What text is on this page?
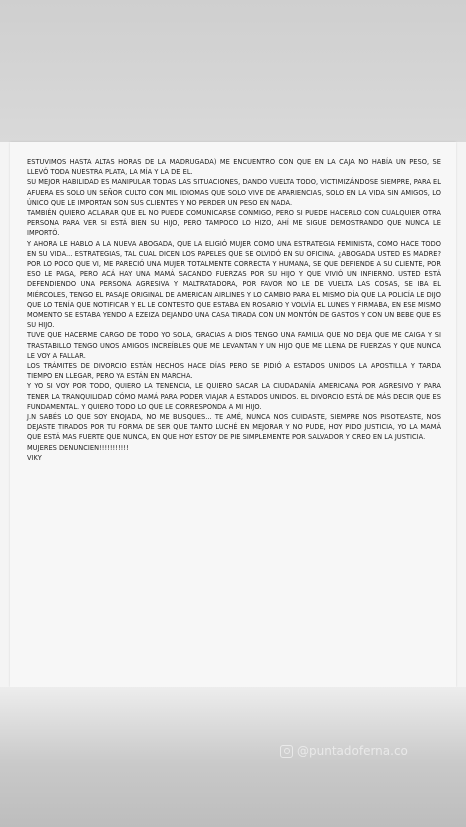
ESTUVIMOS HASTA ALTAS HORAS DE LA MADRUGADA) ME ENCUENTRO CON QUE EN LA CAJA NO HABÍA UN PESO, SE LLEVÓ TODA NUESTRA PLATA, LA MÍA Y LA DE EL.

SU MEJOR HABILIDAD ES MANIPULAR TODAS LAS SITUACIONES, DANDO VUELTA TODO, VICTIMIZÁNDOSE SIEMPRE, PARA EL AFUERA ES SOLO UN SEÑOR CULTO CON MIL IDIOMAS QUE SOLO VIVE DE APARIENCIAS, SOLO EN LA VIDA SIN AMIGOS, LO ÚNICO QUE LE IMPORTAN SON SUS CLIENTES Y NO PERDER UN PESO EN NADA.

TAMBIÉN QUIERO ACLARAR QUE EL NO PUEDE COMUNICARSE CONMIGO, PERO SI PUEDE HACERLO CON CUALQUIER OTRA PERSONA PARA VER SI ESTÁ BIEN SU HIJO, PERO TAMPOCO LO HIZO, AHÍ ME SIGUE DEMOSTRANDO QUE NUNCA LE IMPORTÓ.

Y AHORA LE HABLO A LA NUEVA ABOGADA, QUE LA ELIGIÓ MUJER COMO UNA ESTRATEGIA FEMINISTA, COMO HACE TODO EN SU VIDA... ESTRATEGIAS, TAL CUAL DICEN LOS PAPELES QUE SE OLVIDÓ EN SU OFICINA. ¿ABOGADA USTED ES MADRE? POR LO POCO QUE VI, ME PARECIÓ UNA MUJER TOTALMENTE CORRECTA Y HUMANA, SE QUE DEFIENDE A SU CLIENTE, POR ESO LE PAGA, PERO ACÁ HAY UNA MAMÁ SACANDO FUERZAS POR SU HIJO Y QUE VIVIÓ UN INFIERNO. USTED ESTÁ DEFENDIENDO UNA PERSONA AGRESIVA Y MALTRATADORA, POR FAVOR NO LE DE VUELTA LAS COSAS, SE IBA EL MIÉRCOLES, TENGO EL PASAJE ORIGINAL DE AMERICAN AIRLINES Y LO CAMBIO PARA EL MISMO DÍA QUE LA POLICÍA LE DIJO QUE LO TENÍA QUE NOTIFICAR Y EL LE CONTESTO QUE ESTABA EN ROSARIO Y VOLVÍA EL LUNES Y FIRMABA, EN ESE MISMO MOMENTO SE ESTABA YENDO A EZEIZA DEJANDO UNA CASA TIRADA CON UN MONTÓN DE GASTOS Y CON UN BEBE QUE ES SU HIJO.

TUVE QUE HACERME CARGO DE TODO YO SOLA, GRACIAS A DIOS TENGO UNA FAMILIA QUE NO DEJA QUE ME CAIGA Y SI TRASTABILLO TENGO UNOS AMIGOS INCREÍBLES QUE ME LEVANTAN Y UN HIJO QUE ME LLENA DE FUERZAS Y QUE NUNCA LE VOY A FALLAR.

LOS TRÁMITES DE DIVORCIO ESTÁN HECHOS HACE DÍAS PERO SE PIDIÓ A ESTADOS UNIDOS LA APOSTILLA Y TARDA TIEMPO EN LLEGAR, PERO YA ESTÁN EN MARCHA.

Y YO SI VOY POR TODO, QUIERO LA TENENCIA, LE QUIERO SACAR LA CIUDADANÍA AMERICANA POR AGRESIVO Y PARA TENER LA TRANQUILIDAD CÓMO MAMÁ PARA PODER VIAJAR A ESTADOS UNIDOS. EL DIVORCIO ESTÁ DE MÁS DECIR QUE ES FUNDAMENTAL. Y QUIERO TODO LO QUE LE CORRESPONDA A MI HIJO.

J.N SABÉS LO QUE SOY ENOJADA, NO ME BUSQUES... TE AMÉ, NUNCA NOS CUIDASTE, SIEMPRE NOS PISOTEASTE, NOS DEJASTE TIRADOS POR TU FORMA DE SER QUE TANTO LUCHÉ EN MEJORAR Y NO PUDE, HOY PIDO JUSTICIA, YO LA MAMÁ QUE ESTÁ MAS FUERTE QUE NUNCA, EN QUE HOY ESTOY DE PIE SIMPLEMENTE POR SALVADOR Y CREO EN LA JUSTICIA.

MUJERES DENUNCIEN!!!!!!!!!!!

VIKY

@puntadoferna.co
